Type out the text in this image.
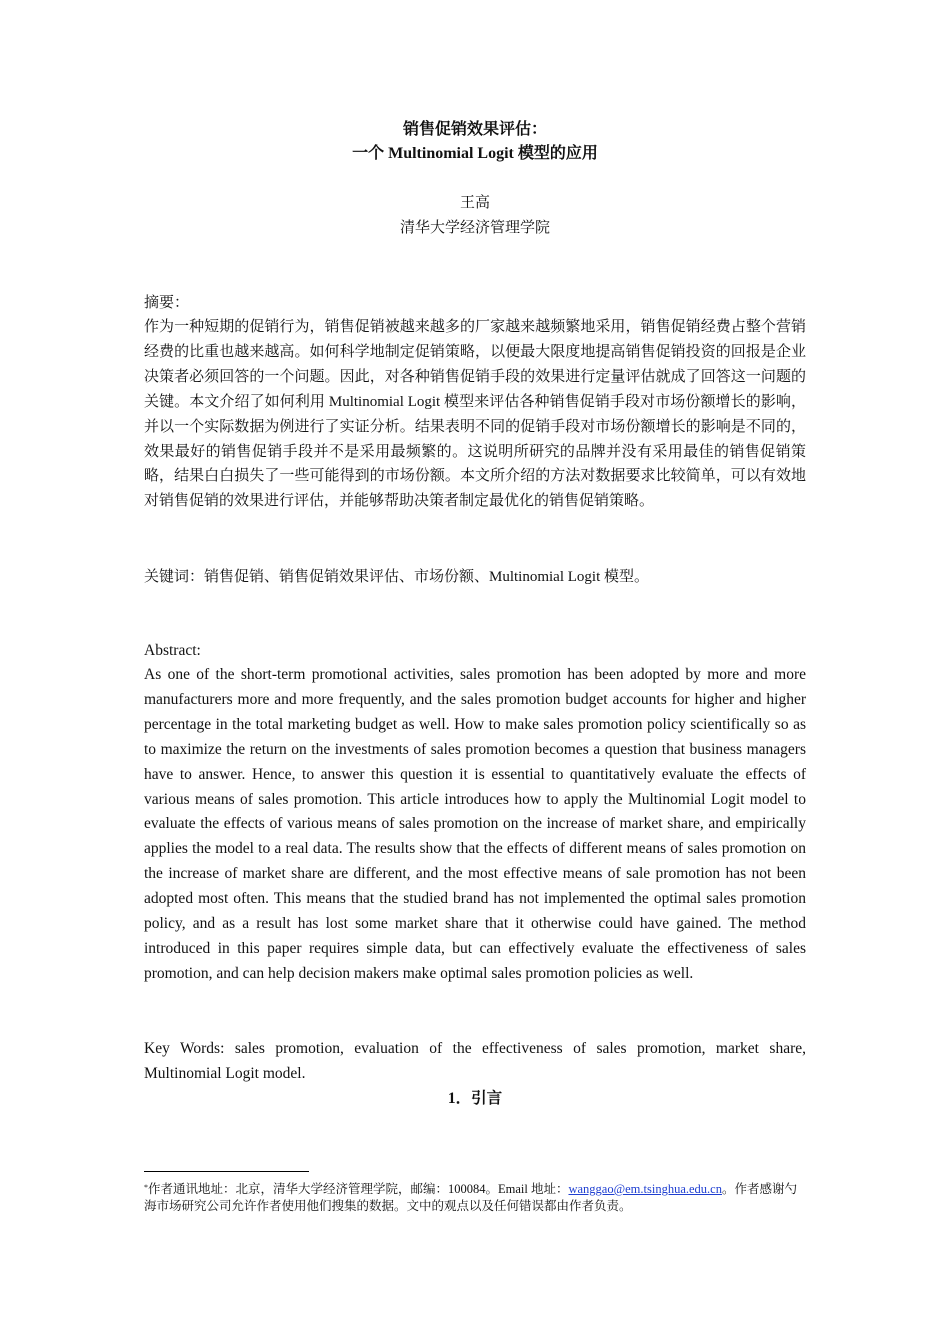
销售促销效果评估：
一个 Multinomial Logit 模型的应用
王高
清华大学经济管理学院
摘要：
作为一种短期的促销行为，销售促销被越来越多的厂家越来越频繁地采用，销售促销经费占整个营销经费的比重也越来越高。如何科学地制定促销策略，以便最大限度地提高销售促销投资的回报是企业决策者必须回答的一个问题。因此，对各种销售促销手段的效果进行定量评估就成了回答这一问题的关键。本文介绍了如何利用 Multinomial Logit 模型来评估各种销售促销手段对市场份额增长的影响，并以一个实际数据为例进行了实证分析。结果表明不同的促销手段对市场份额增长的影响是不同的，效果最好的销售促销手段并不是采用最频繁的。这说明所研究的品牌并没有采用最佳的销售促销策略，结果白白损失了一些可能得到的市场份额。本文所介绍的方法对数据要求比较简单，可以有效地对销售促销的效果进行评估，并能够帮助决策者制定最优化的销售促销策略。
关键词：销售促销、销售促销效果评估、市场份额、Multinomial Logit 模型。
Abstract:
As one of the short-term promotional activities, sales promotion has been adopted by more and more manufacturers more and more frequently, and the sales promotion budget accounts for higher and higher percentage in the total marketing budget as well. How to make sales promotion policy scientifically so as to maximize the return on the investments of sales promotion becomes a question that business managers have to answer. Hence, to answer this question it is essential to quantitatively evaluate the effects of various means of sales promotion. This article introduces how to apply the Multinomial Logit model to evaluate the effects of various means of sales promotion on the increase of market share, and empirically applies the model to a real data. The results show that the effects of different means of sales promotion on the increase of market share are different, and the most effective means of sale promotion has not been adopted most often. This means that the studied brand has not implemented the optimal sales promotion policy, and as a result has lost some market share that it otherwise could have gained. The method introduced in this paper requires simple data, but can effectively evaluate the effectiveness of sales promotion, and can help decision makers make optimal sales promotion policies as well.
Key Words: sales promotion, evaluation of the effectiveness of sales promotion, market share, Multinomial Logit model.
1．引言
*作者通讯地址：北京，清华大学经济管理学院，邮编：100084。Email 地址：wanggao@em.tsinghua.edu.cn。作者感谢勺海市场研究公司允许作者使用他们搜集的数据。文中的观点以及任何错误都由作者负责。
